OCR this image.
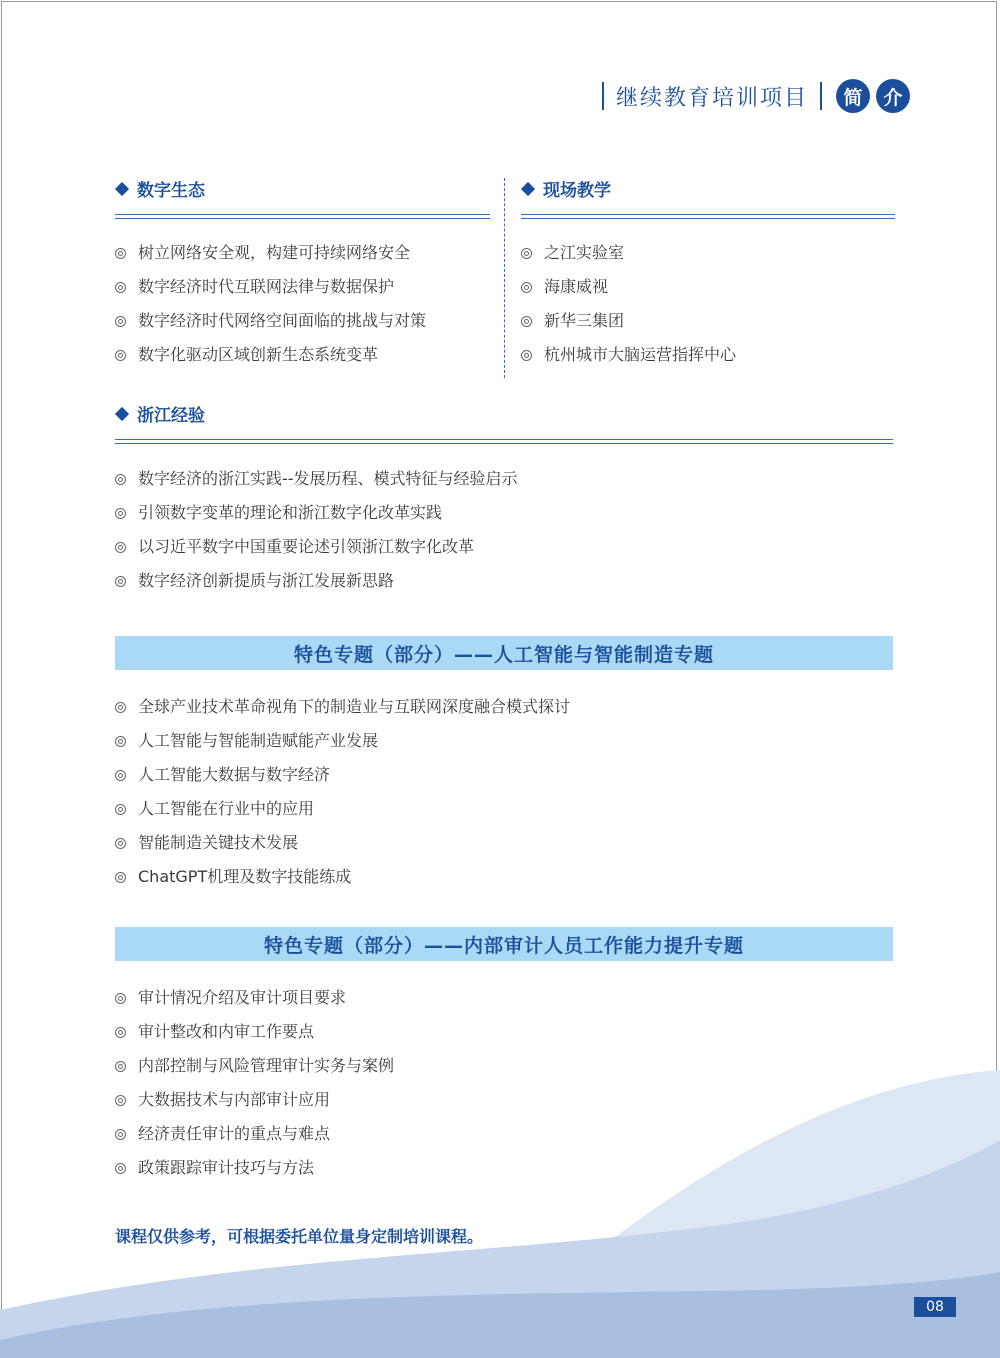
继续教育培训项目	简	介
数字生态
树立网络安全观，构建可持续网络安全
数字经济时代互联网法律与数据保护
数字经济时代网络空间面临的挑战与对策
数字化驱动区域创新生态系统变革
现场教学
之江实验室
海康威视
新华三集团
杭州城市大脑运营指挥中心
浙江经验
数字经济的浙江实践--发展历程、模式特征与经验启示
引领数字变革的理论和浙江数字化改革实践
以习近平数字中国重要论述引领浙江数字化改革
数字经济创新提质与浙江发展新思路
特色专题（部分）——人工智能与智能制造专题
全球产业技术革命视角下的制造业与互联网深度融合模式探讨
人工智能与智能制造赋能产业发展
人工智能大数据与数字经济
人工智能在行业中的应用
智能制造关键技术发展
ChatGPT机理及数字技能练成
特色专题（部分）——内部审计人员工作能力提升专题
审计情况介绍及审计项目要求
审计整改和内审工作要点
内部控制与风险管理审计实务与案例
大数据技术与内部审计应用
经济责任审计的重点与难点
政策跟踪审计技巧与方法
课程仅供参考，可根据委托单位量身定制培训课程。
08
